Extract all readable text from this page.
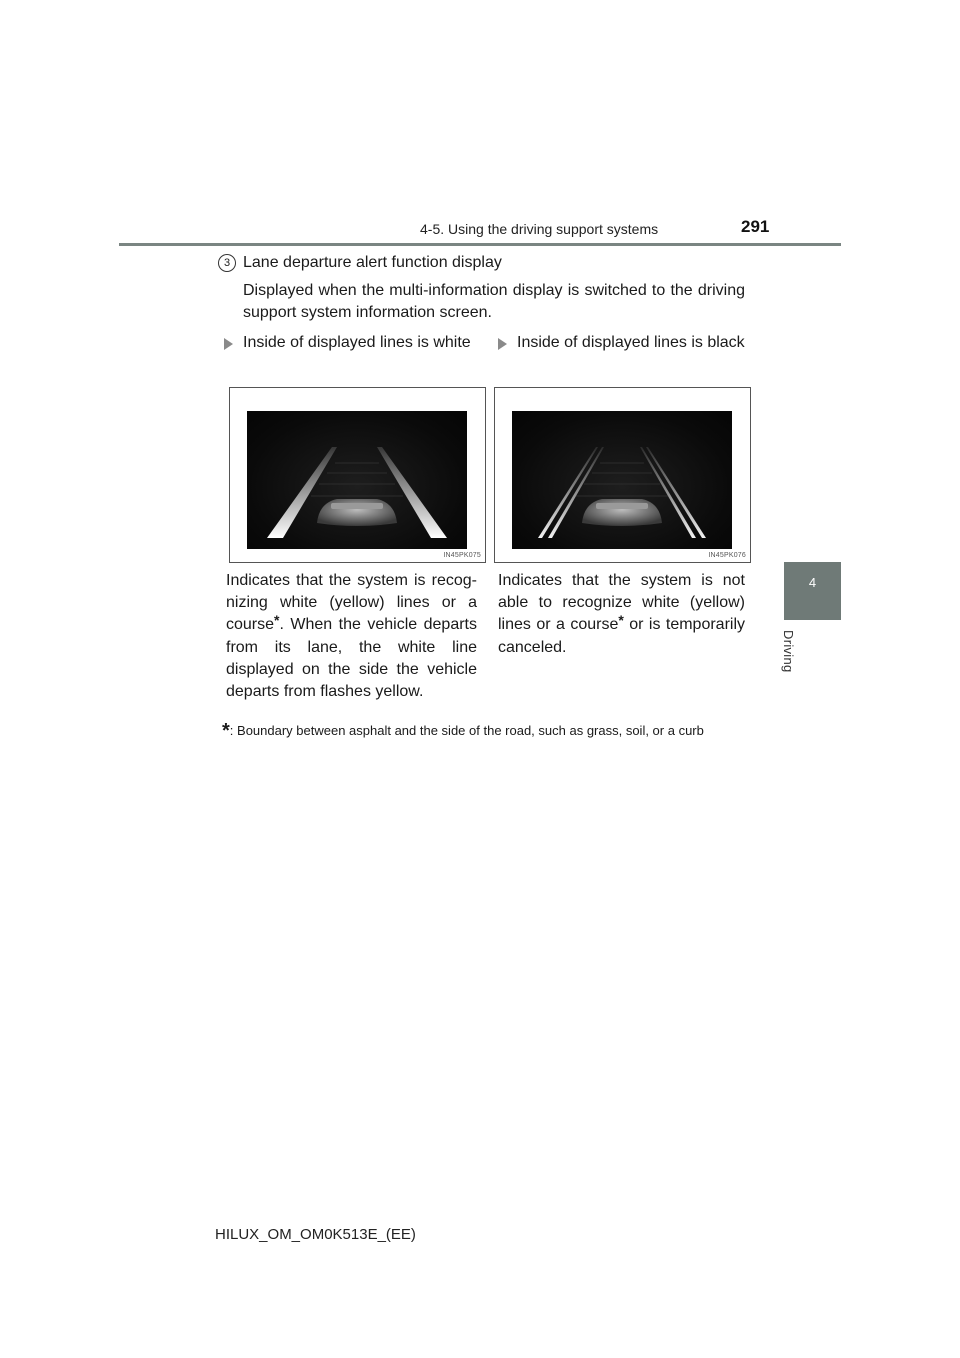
4-5. Using the driving support systems	291
4
Driving
3 Lane departure alert function display
Displayed when the multi-information display is switched to the driving support system information screen.
Inside of displayed lines is white	Inside of displayed lines is black
IN45PK075	IN45PK076
Indicates that the system is recognizing white (yellow) lines or a course*. When the vehicle departs from its lane, the white line displayed on the side the vehicle departs from flashes yellow.
Indicates that the system is not able to recognize white (yellow) lines or a course* or is temporarily canceled.
*: Boundary between asphalt and the side of the road, such as grass, soil, or a curb
HILUX_OM_OM0K513E_(EE)
